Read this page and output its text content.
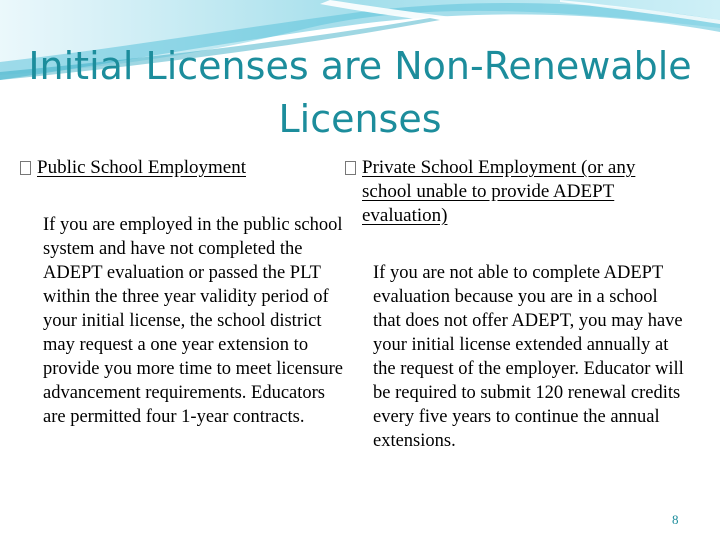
Initial Licenses are Non-Renewable Licenses
Public School Employment

If you are employed in the public school system and have not completed the ADEPT evaluation or passed the PLT within the three year validity period of your initial license, the school district may request a one year extension to provide you more time to meet licensure advancement requirements. Educators are permitted four 1-year contracts.

Private School Employment (or any school unable to provide ADEPT evaluation)

If you are not able to complete ADEPT evaluation because you are in a school that does not offer ADEPT, you may have your initial license extended annually at the request of the employer. Educator will be required to submit 120 renewal credits every five years to continue the annual extensions.

8
